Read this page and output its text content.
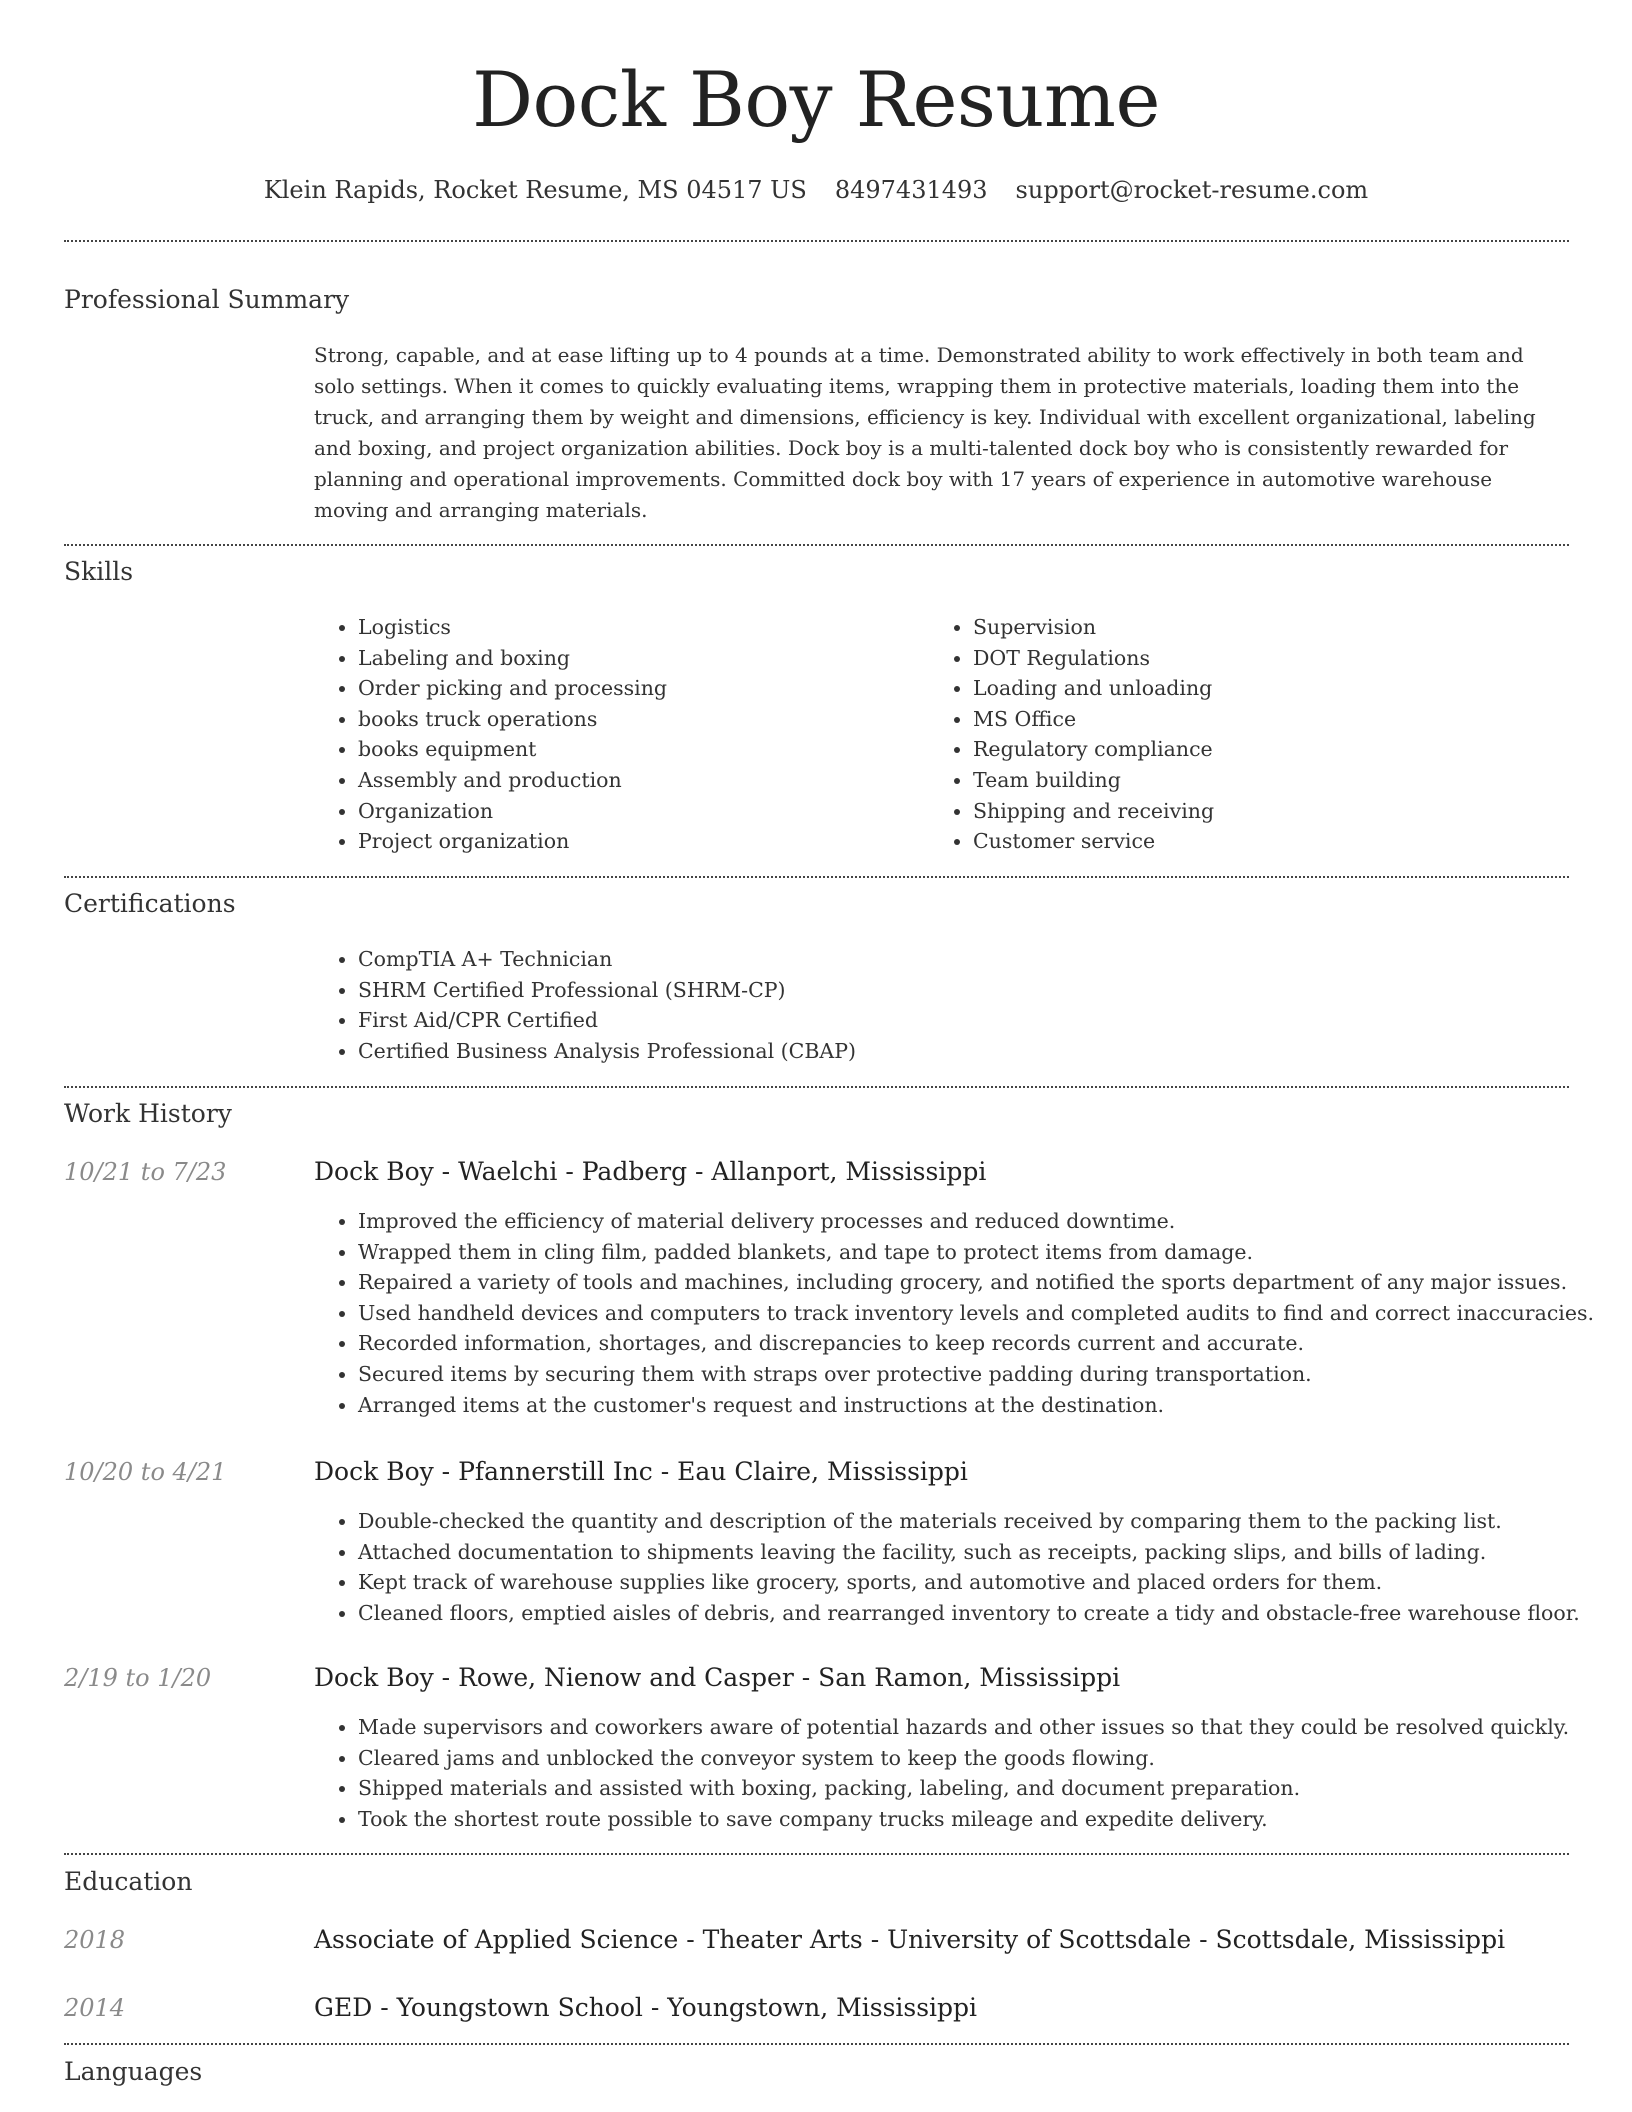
Dock Boy Resume
Klein Rapids, Rocket Resume, MS 04517 US 8497431493 support@rocket-resume.com
Professional Summary
Strong, capable, and at ease lifting up to 4 pounds at a time. Demonstrated ability to work effectively in both team and solo settings. When it comes to quickly evaluating items, wrapping them in protective materials, loading them into the truck, and arranging them by weight and dimensions, efficiency is key. Individual with excellent organizational, labeling and boxing, and project organization abilities. Dock boy is a multi-talented dock boy who is consistently rewarded for planning and operational improvements. Committed dock boy with 17 years of experience in automotive warehouse moving and arranging materials.
Skills
• Logistics
• Labeling and boxing
• Order picking and processing
• books truck operations
• books equipment
• Assembly and production
• Organization
• Project organization
• Supervision
• DOT Regulations
• Loading and unloading
• MS Office
• Regulatory compliance
• Team building
• Shipping and receiving
• Customer service
Certifications
• CompTIA A+ Technician
• SHRM Certified Professional (SHRM-CP)
• First Aid/CPR Certified
• Certified Business Analysis Professional (CBAP)
Work History
10/21 to 7/23	Dock Boy - Waelchi - Padberg - Allanport, Mississippi
• Improved the efficiency of material delivery processes and reduced downtime.
• Wrapped them in cling film, padded blankets, and tape to protect items from damage.
• Repaired a variety of tools and machines, including grocery, and notified the sports department of any major issues.
• Used handheld devices and computers to track inventory levels and completed audits to find and correct inaccuracies.
• Recorded information, shortages, and discrepancies to keep records current and accurate.
• Secured items by securing them with straps over protective padding during transportation.
• Arranged items at the customer's request and instructions at the destination.
10/20 to 4/21	Dock Boy - Pfannerstill Inc - Eau Claire, Mississippi
• Double-checked the quantity and description of the materials received by comparing them to the packing list.
• Attached documentation to shipments leaving the facility, such as receipts, packing slips, and bills of lading.
• Kept track of warehouse supplies like grocery, sports, and automotive and placed orders for them.
• Cleaned floors, emptied aisles of debris, and rearranged inventory to create a tidy and obstacle-free warehouse floor.
2/19 to 1/20	Dock Boy - Rowe, Nienow and Casper - San Ramon, Mississippi
• Made supervisors and coworkers aware of potential hazards and other issues so that they could be resolved quickly.
• Cleared jams and unblocked the conveyor system to keep the goods flowing.
• Shipped materials and assisted with boxing, packing, labeling, and document preparation.
• Took the shortest route possible to save company trucks mileage and expedite delivery.
Education
2018	Associate of Applied Science - Theater Arts - University of Scottsdale - Scottsdale, Mississippi
2014	GED - Youngstown School - Youngstown, Mississippi
Languages
